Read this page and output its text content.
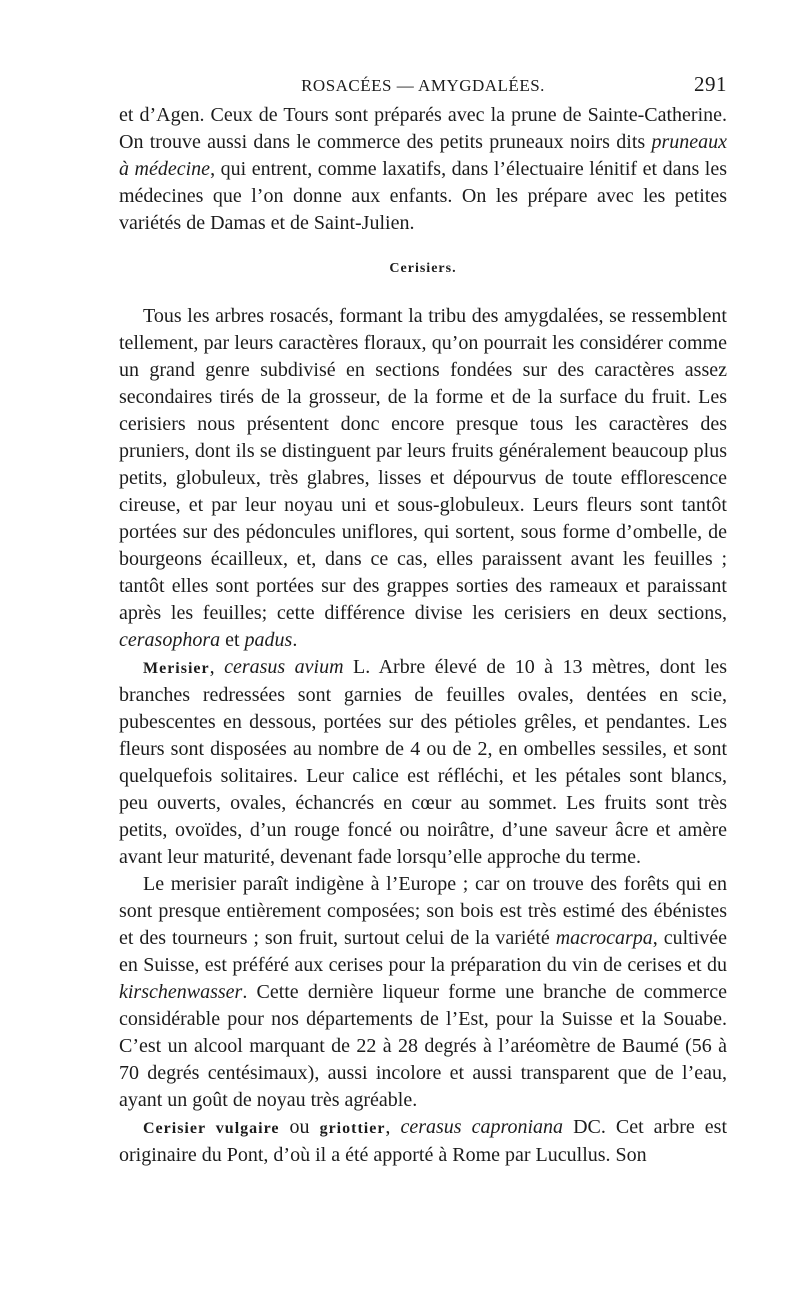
ROSACÉES — AMYGDALÉES.	291

et d’Agen. Ceux de Tours sont préparés avec la prune de Sainte-Catherine. On trouve aussi dans le commerce des petits pruneaux noirs dits pruneaux à médecine, qui entrent, comme laxatifs, dans l’électuaire lénitif et dans les médecines que l’on donne aux enfants. On les prépare avec les petites variétés de Damas et de Saint-Julien.

Cerisiers.

Tous les arbres rosacés, formant la tribu des amygdalées, se ressemblent tellement, par leurs caractères floraux, qu’on pourrait les considérer comme un grand genre subdivisé en sections fondées sur des caractères assez secondaires tirés de la grosseur, de la forme et de la surface du fruit. Les cerisiers nous présentent donc encore presque tous les caractères des pruniers, dont ils se distinguent par leurs fruits généralement beaucoup plus petits, globuleux, très glabres, lisses et dépourvus de toute efflorescence cireuse, et par leur noyau uni et sous-globuleux. Leurs fleurs sont tantôt portées sur des pédoncules uniflores, qui sortent, sous forme d’ombelle, de bourgeons écailleux, et, dans ce cas, elles paraissent avant les feuilles ; tantôt elles sont portées sur des grappes sorties des rameaux et paraissant après les feuilles; cette différence divise les cerisiers en deux sections, cerasophora et padus.

Merisier, cerasus avium L. Arbre élevé de 10 à 13 mètres, dont les branches redressées sont garnies de feuilles ovales, dentées en scie, pubescentes en dessous, portées sur des pétioles grêles, et pendantes. Les fleurs sont disposées au nombre de 4 ou de 2, en ombelles sessiles, et sont quelquefois solitaires. Leur calice est réfléchi, et les pétales sont blancs, peu ouverts, ovales, échancrés en cœur au sommet. Les fruits sont très petits, ovoïdes, d’un rouge foncé ou noirâtre, d’une saveur âcre et amère avant leur maturité, devenant fade lorsqu’elle approche du terme.

Le merisier paraît indigène à l’Europe ; car on trouve des forêts qui en sont presque entièrement composées; son bois est très estimé des ébénistes et des tourneurs ; son fruit, surtout celui de la variété macrocarpa, cultivée en Suisse, est préféré aux cerises pour la préparation du vin de cerises et du kirschenwasser. Cette dernière liqueur forme une branche de commerce considérable pour nos départements de l’Est, pour la Suisse et la Souabe. C’est un alcool marquant de 22 à 28 degrés à l’aréomètre de Baumé (56 à 70 degrés centésimaux), aussi incolore et aussi transparent que de l’eau, ayant un goût de noyau très agréable.

Cerisier vulgaire ou griottier, cerasus caproniana DC. Cet arbre est originaire du Pont, d’où il a été apporté à Rome par Lucullus. Son
